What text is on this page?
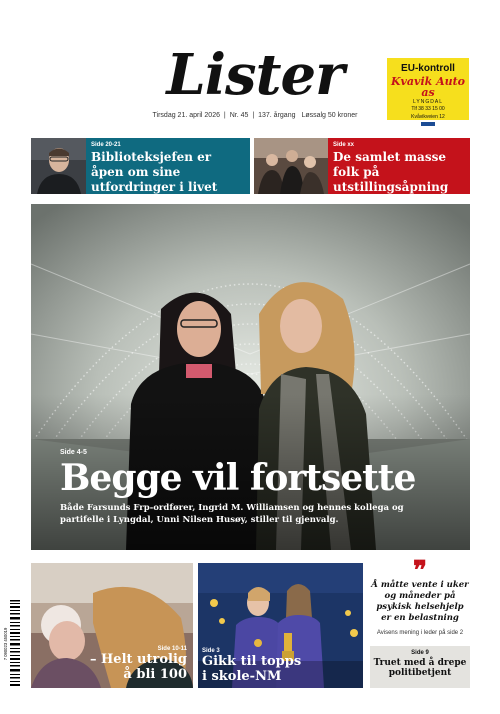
Lister
Tirsdag 21. april 2026 | Nr. 45 | 137. årgang Løssalg 50 kroner
EU-kontroll
Kvavik Auto as
LYNGDAL
Tlf 38 33 15 00
Kvåvikveien 12
Side 20-21
Biblioteksjefen er åpen om sine utfordringer i livet
Side xx
De samlet masse folk på utstillingsåpning
Side 4-5
Begge vil fortsette
Både Farsunds Frp-ordfører, Ingrid M. Williamsen og hennes kollega og partifelle i Lyngdal, Unni Nilsen Husøy, stiller til gjenvalg.
Side 10-11
– Helt utrolig
å bli 100
Side 3
Gikk til topps
i skole-NM
❞
Å måtte vente i uker og måneder på psykisk helsehjelp er en belastning
Avisens mening i leder på side 2
Side 9
Truet med å drepe politibetjent
7 090023 450019
